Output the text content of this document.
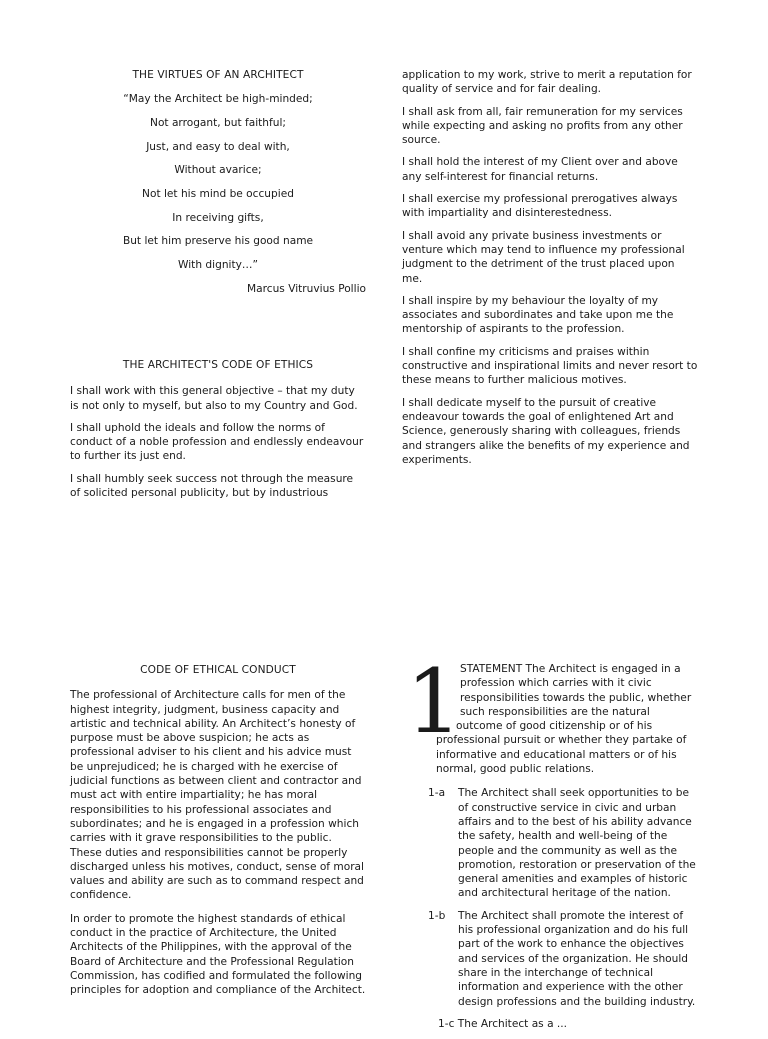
THE VIRTUES OF AN ARCHITECT

“May the Architect be high-minded;

Not arrogant, but faithful;

Just, and easy to deal with,

Without avarice;

Not let his mind be occupied

In receiving gifts,

But let him preserve his good name

With dignity…”

Marcus Vitruvius Pollio

THE ARCHITECT'S CODE OF ETHICS

I shall work with this general objective – that my duty is not only to myself, but also to my Country and God.

I shall uphold the ideals and follow the norms of conduct of a noble profession and endlessly endeavour to further its just end.

I shall humbly seek success not through the measure of solicited personal publicity, but by industrious

application to my work, strive to merit a reputation for quality of service and for fair dealing.

I shall ask from all, fair remuneration for my services while expecting and asking no profits from any other source.

I shall hold the interest of my Client over and above any self-interest for financial returns.

I shall exercise my professional prerogatives always with impartiality and disinterestedness.

I shall avoid any private business investments or venture which may tend to influence my professional judgment to the detriment of the trust placed upon me.

I shall inspire by my behaviour the loyalty of my associates and subordinates and take upon me the mentorship of aspirants to the profession.

I shall confine my criticisms and praises within constructive and inspirational limits and never resort to these means to further malicious motives.

I shall dedicate myself to the pursuit of creative endeavour towards the goal of enlightened Art and Science, generously sharing with colleagues, friends and strangers alike the benefits of my experience and experiments.

CODE OF ETHICAL CONDUCT

The professional of Architecture calls for men of the highest integrity, judgment, business capacity and artistic and technical ability. An Architect’s honesty of purpose must be above suspicion; he acts as professional adviser to his client and his advice must be unprejudiced; he is charged with he exercise of judicial functions as between client and contractor and must act with entire impartiality; he has moral responsibilities to his professional associates and subordinates; and he is engaged in a profession which carries with it grave responsibilities to the public. These duties and responsibilities cannot be properly discharged unless his motives, conduct, sense of moral values and ability are such as to command respect and confidence.

In order to promote the highest standards of ethical conduct in the practice of Architecture, the United Architects of the Philippines, with the approval of the Board of Architecture and the Professional Regulation Commission, has codified and formulated the following principles for adoption and compliance of the Architect.

1
STATEMENT The Architect is engaged in a
profession which carries with it civic
responsibilities towards the public, whether
such responsibilities are the natural
outcome of good citizenship or of his
professional pursuit or whether they partake of
informative and educational matters or of his
normal, good public relations.
1-a The Architect shall seek opportunities to be of constructive service in civic and urban affairs and to the best of his ability advance the safety, health and well-being of the people and the community as well as the promotion, restoration or preservation of the general amenities and examples of historic and architectural heritage of the nation.
1-b The Architect shall promote the interest of his professional organization and do his full part of the work to enhance the objectives and services of the organization. He should share in the interchange of technical information and experience with the other design professions and the building industry.
1-c The Architect as a ...
